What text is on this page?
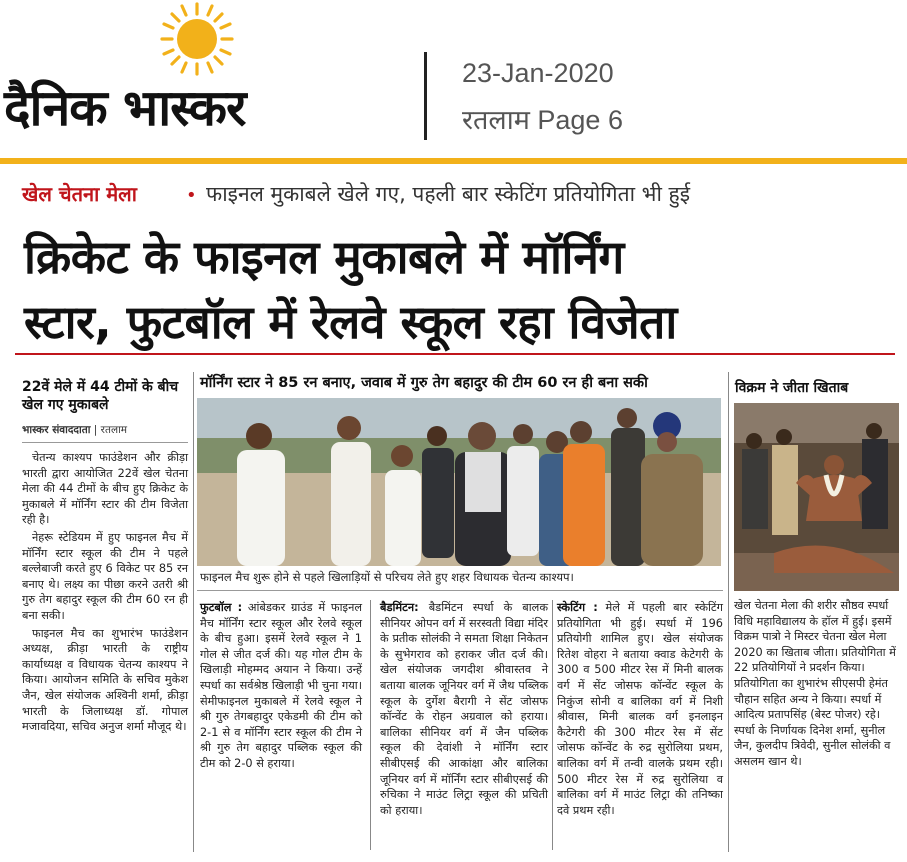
दैनिक भास्कर
23-Jan-2020
रतलाम Page 6
खेल चेतना मेला	• फाइनल मुकाबले खेले गए, पहली बार स्केटिंग प्रतियोगिता भी हुई
क्रिकेट के फाइनल मुकाबले में मॉर्निंग
स्टार, फुटबॉल में रेलवे स्कूल रहा विजेता
22वें मेले में 44 टीमों के बीच खेल गए मुकाबले
भास्कर संवाददाता | रतलाम

चेतन्य काश्यप फाउंडेशन और क्रीड़ा भारती द्वारा आयोजित 22वें खेल चेतना मेला की 44 टीमों के बीच हुए क्रिकेट के मुकाबले में मॉर्निंग स्टार की टीम विजेता रही है।

नेहरू स्टेडियम में हुए फाइनल मैच में मॉर्निंग स्टार स्कूल की टीम ने पहले बल्लेबाजी करते हुए 6 विकेट पर 85 रन बनाए थे। लक्ष्य का पीछा करने उतरी श्री गुरु तेग बहादुर स्कूल की टीम 60 रन ही बना सकी।

फाइनल मैच का शुभारंभ फाउंडेशन अध्यक्ष, क्रीड़ा भारती के राष्ट्रीय कार्याध्यक्ष व विधायक चेतन्य काश्यप ने किया। आयोजन समिति के सचिव मुकेश जैन, खेल संयोजक अश्विनी शर्मा, क्रीड़ा भारती के जिलाध्यक्ष डॉ. गोपाल मजावदिया, सचिव अनुज शर्मा मौजूद थे।

मॉर्निंग स्टार ने 85 रन बनाए, जवाब में गुरु तेग बहादुर की टीम 60 रन ही बना सकी
फाइनल मैच शुरू होने से पहले खिलाड़ियों से परिचय लेते हुए शहर विधायक चेतन्य काश्यप।
फुटबॉल : आंबेडकर ग्राउंड में फाइनल मैच मॉर्निंग स्टार स्कूल और रेलवे स्कूल के बीच हुआ। इसमें रेलवे स्कूल ने 1 गोल से जीत दर्ज की। यह गोल टीम के खिलाड़ी मोहम्मद अयान ने किया। उन्हें स्पर्धा का सर्वश्रेष्ठ खिलाड़ी भी चुना गया। सेमीफाइनल मुकाबले में रेलवे स्कूल ने श्री गुरु तेगबहादुर एकेडमी की टीम को 2-1 से व मॉर्निंग स्टार स्कूल की टीम ने श्री गुरु तेग बहादुर पब्लिक स्कूल की टीम को 2-0 से हराया।
बैडमिंटन: बैडमिंटन स्पर्धा के बालक सीनियर ओपन वर्ग में सरस्वती विद्या मंदिर के प्रतीक सोलंकी ने समता शिक्षा निकेतन के सुभेगराव को हराकर जीत दर्ज की। खेल संयोजक जगदीश श्रीवास्तव ने बताया बालक जूनियर वर्ग में जैथ पब्लिक स्कूल के दुर्गेश बैरागी ने सेंट जोसफ कॉन्वेंट के रोहन अग्रवाल को हराया। बालिका सीनियर वर्ग में जैन पब्लिक स्कूल की देवांशी ने मॉर्निंग स्टार सीबीएसई की आकांक्षा और बालिका जूनियर वर्ग में मॉर्निंग स्टार सीबीएसई की रुचिका ने माउंट लिट्रा स्कूल की प्रचिती को हराया।
स्केटिंग : मेले में पहली बार स्केटिंग प्रतियोगिता भी हुई। स्पर्धा में 196 प्रतियोगी शामिल हुए। खेल संयोजक रितेश वोहरा ने बताया क्वाड केटेगरी के 300 व 500 मीटर रेस में मिनी बालक वर्ग में सेंट जोसफ कॉन्वेंट स्कूल के निकुंज सोनी व बालिका वर्ग में निशी श्रीवास, मिनी बालक वर्ग इनलाइन कैटेगरी की 300 मीटर रेस में सेंट जोसफ कॉन्वेंट के रुद्र सुरोलिया प्रथम, बालिका वर्ग में तन्वी वालके प्रथम रही। 500 मीटर रेस में रुद्र सुरोलिया व बालिका वर्ग में माउंट लिट्रा की तनिष्का दवे प्रथम रही।
विक्रम ने जीता खिताब
खेल चेतना मेला की शरीर सौष्ठव स्पर्धा विधि महाविद्यालय के हॉल में हुई। इसमें विक्रम पात्रो ने मिस्टर चेतना खेल मेला 2020 का खिताब जीता। प्रतियोगिता में 22 प्रतियोगियों ने प्रदर्शन किया। प्रतियोगिता का शुभारंभ सीएसपी हेमंत चौहान सहित अन्य ने किया। स्पर्धा में आदित्य प्रतापसिंह (बेस्ट पोजर) रहे। स्पर्धा के निर्णायक दिनेश शर्मा, सुनील जैन, कुलदीप त्रिवेदी, सुनील सोलंकी व असलम खान थे।
